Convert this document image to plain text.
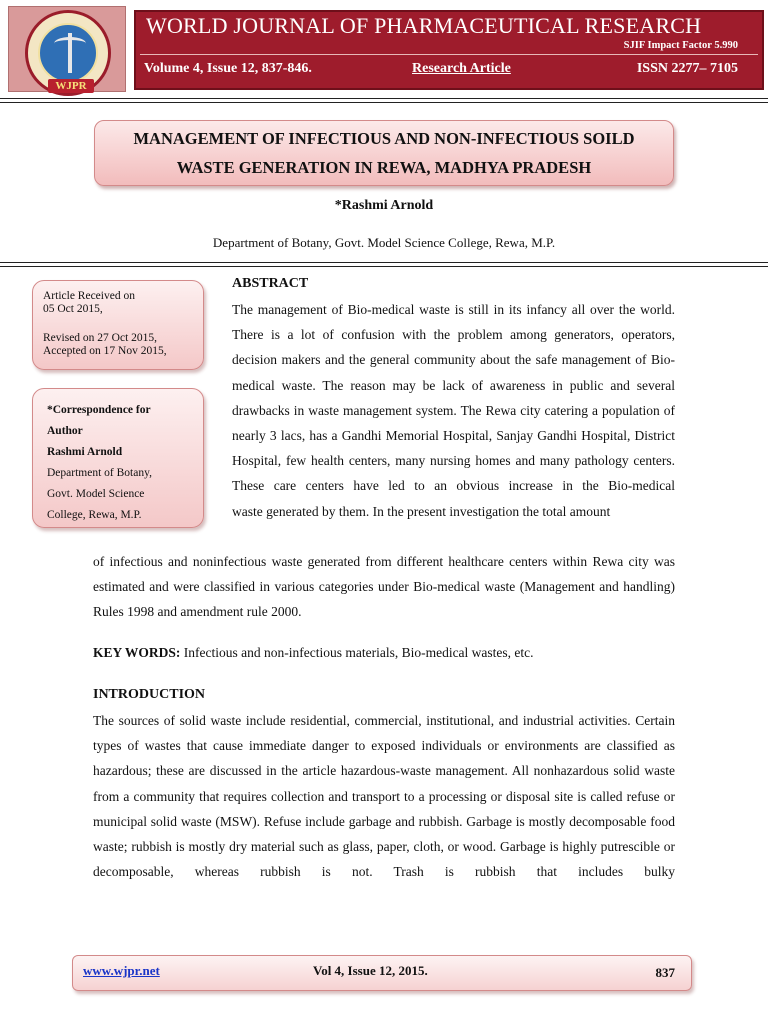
WJPR
WORLD JOURNAL OF PHARMACEUTICAL RESEARCH
SJIF Impact Factor 5.990
Volume 4, Issue 12, 837-846.	Research Article	ISSN 2277– 7105
MANAGEMENT OF INFECTIOUS AND NON-INFECTIOUS SOILD
WASTE GENERATION IN REWA, MADHYA PRADESH
*Rashmi Arnold
Department of Botany, Govt. Model Science College, Rewa, M.P.
Article Received on
05 Oct 2015,
Revised on 27 Oct 2015,
Accepted on 17 Nov 2015,
*Correspondence for
Author
Rashmi Arnold
Department of Botany,
Govt. Model Science
College, Rewa, M.P.
ABSTRACT
The management of Bio-medical waste is still in its infancy all over the world. There is a lot of confusion with the problem among generators, operators, decision makers and the general community about the safe management of Bio-medical waste. The reason may be lack of awareness in public and several drawbacks in waste management system. The Rewa city catering a population of nearly 3 lacs, has a Gandhi Memorial Hospital, Sanjay Gandhi Hospital, District Hospital, few health centers, many nursing homes and many pathology centers. These care centers have led to an obvious increase in the Bio-medical
waste generated by them. In the present investigation the total amount
of infectious and noninfectious waste generated from different healthcare centers within Rewa city was estimated and were classified in various categories under Bio-medical waste (Management and handling) Rules 1998 and amendment rule 2000.
KEY WORDS: Infectious and non-infectious materials, Bio-medical wastes, etc.
INTRODUCTION
The sources of solid waste include residential, commercial, institutional, and industrial activities. Certain types of wastes that cause immediate danger to exposed individuals or environments are classified as hazardous; these are discussed in the article hazardous-waste management. All nonhazardous solid waste from a community that requires collection and transport to a processing or disposal site is called refuse or municipal solid waste (MSW). Refuse include garbage and rubbish. Garbage is mostly decomposable food waste; rubbish is mostly dry material such as glass, paper, cloth, or wood. Garbage is highly putrescible or decomposable, whereas rubbish is not. Trash is rubbish that includes bulky
www.wjpr.net	Vol 4, Issue 12, 2015.	837
